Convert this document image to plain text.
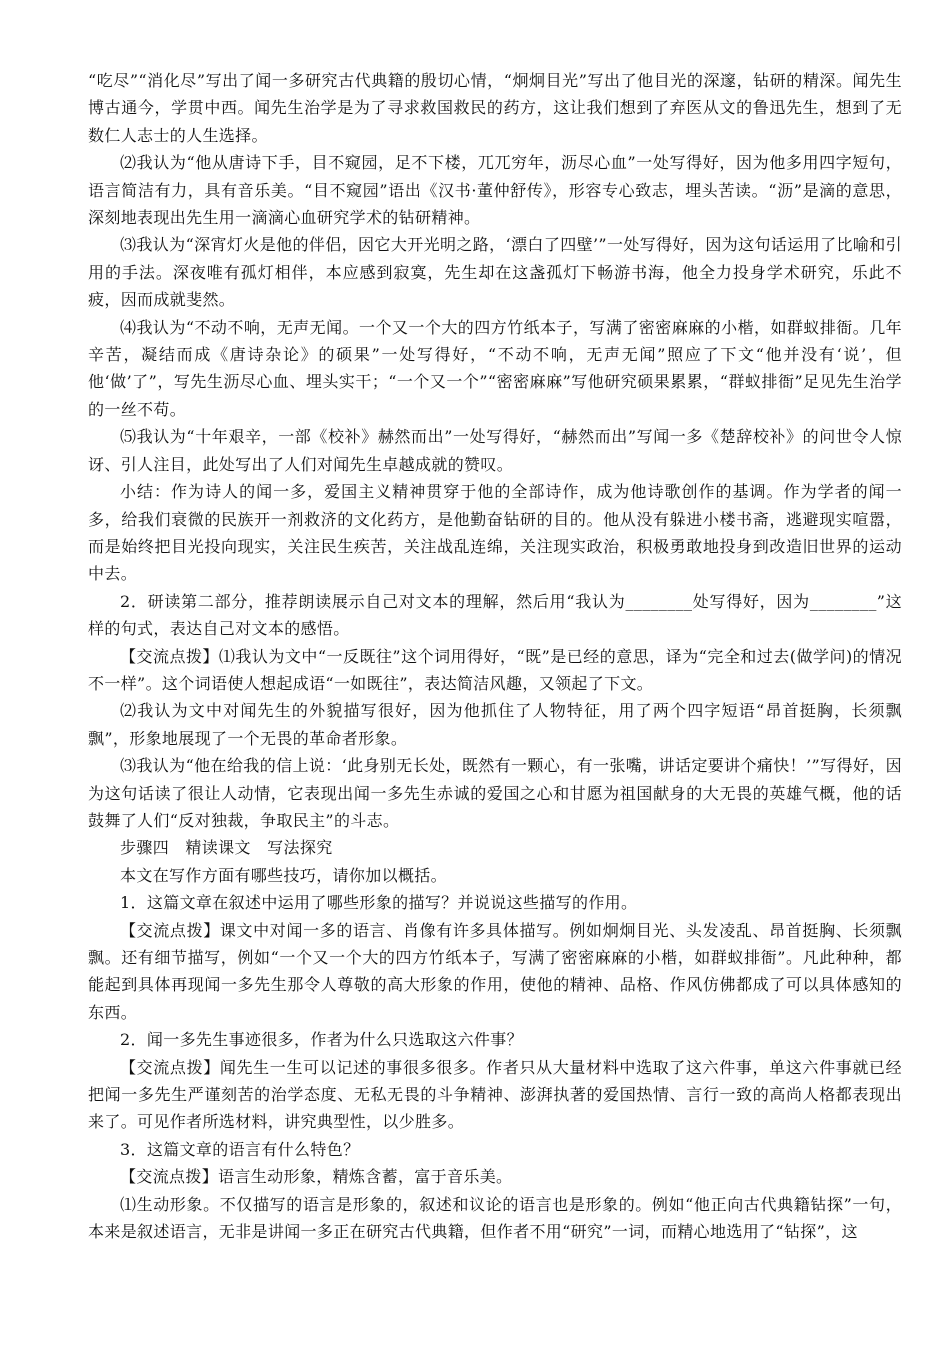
“吃尽”“消化尽”写出了闻一多研究古代典籍的殷切心情，“炯炯目光”写出了他目光的深邃，钻研的精深。闻先生博古通今，学贯中西。闻先生治学是为了寻求救国救民的药方，这让我们想到了弃医从文的鲁迅先生，想到了无数仁人志士的人生选择。

⑵我认为“他从唐诗下手，目不窥园，足不下楼，兀兀穷年，沥尽心血”一处写得好，因为他多用四字短句，语言简洁有力，具有音乐美。“目不窥园”语出《汉书·董仲舒传》，形容专心致志，埋头苦读。“沥”是滴的意思，深刻地表现出先生用一滴滴心血研究学术的钻研精神。

⑶我认为“深宵灯火是他的伴侣，因它大开光明之路，‘漂白了四壁’”一处写得好，因为这句话运用了比喻和引用的手法。深夜唯有孤灯相伴，本应感到寂寞，先生却在这盏孤灯下畅游书海，他全力投身学术研究，乐此不疲，因而成就斐然。

⑷我认为“不动不响，无声无闻。一个又一个大的四方竹纸本子，写满了密密麻麻的小楷，如群蚁排衙。几年辛苦，凝结而成《唐诗杂论》的硕果”一处写得好，“不动不响，无声无闻”照应了下文“他并没有‘说’，但他‘做’了”，写先生沥尽心血、埋头实干；“一个又一个”“密密麻麻”写他研究硕果累累，“群蚁排衙”足见先生治学的一丝不苟。

⑸我认为“十年艰辛，一部《校补》赫然而出”一处写得好，“赫然而出”写闻一多《楚辞校补》的问世令人惊讶、引人注目，此处写出了人们对闻先生卓越成就的赞叹。

小结：作为诗人的闻一多，爱国主义精神贯穿于他的全部诗作，成为他诗歌创作的基调。作为学者的闻一多，给我们衰微的民族开一剂救济的文化药方，是他勤奋钻研的目的。他从没有躲进小楼书斋，逃避现实喧嚣，而是始终把目光投向现实，关注民生疾苦，关注战乱连绵，关注现实政治，积极勇敢地投身到改造旧世界的运动中去。

2．研读第二部分，推荐朗读展示自己对文本的理解，然后用“我认为________处写得好，因为________”这样的句式，表达自己对文本的感悟。

【交流点拨】⑴我认为文中“一反既往”这个词用得好，“既”是已经的意思，译为“完全和过去(做学问)的情况不一样”。这个词语使人想起成语“一如既往”，表达简洁风趣，又领起了下文。

⑵我认为文中对闻先生的外貌描写很好，因为他抓住了人物特征，用了两个四字短语“昂首挺胸，长须飘飘”，形象地展现了一个无畏的革命者形象。

⑶我认为“他在给我的信上说：‘此身别无长处，既然有一颗心，有一张嘴，讲话定要讲个痛快！’”写得好，因为这句话读了很让人动情，它表现出闻一多先生赤诚的爱国之心和甘愿为祖国献身的大无畏的英雄气概，他的话鼓舞了人们“反对独裁，争取民主”的斗志。

步骤四　精读课文　写法探究

本文在写作方面有哪些技巧，请你加以概括。

1．这篇文章在叙述中运用了哪些形象的描写？并说说这些描写的作用。

【交流点拨】课文中对闻一多的语言、肖像有许多具体描写。例如炯炯目光、头发凌乱、昂首挺胸、长须飘飘。还有细节描写，例如“一个又一个大的四方竹纸本子，写满了密密麻麻的小楷，如群蚁排衙”。凡此种种，都能起到具体再现闻一多先生那令人尊敬的高大形象的作用，使他的精神、品格、作风仿佛都成了可以具体感知的东西。

2．闻一多先生事迹很多，作者为什么只选取这六件事？

【交流点拨】闻先生一生可以记述的事很多很多。作者只从大量材料中选取了这六件事，单这六件事就已经把闻一多先生严谨刻苦的治学态度、无私无畏的斗争精神、澎湃执著的爱国热情、言行一致的高尚人格都表现出来了。可见作者所选材料，讲究典型性，以少胜多。

3．这篇文章的语言有什么特色？

【交流点拨】语言生动形象，精炼含蓄，富于音乐美。

⑴生动形象。不仅描写的语言是形象的，叙述和议论的语言也是形象的。例如“他正向古代典籍钻探”一句，本来是叙述语言，无非是讲闻一多正在研究古代典籍，但作者不用“研究”一词，而精心地选用了“钻探”，这
